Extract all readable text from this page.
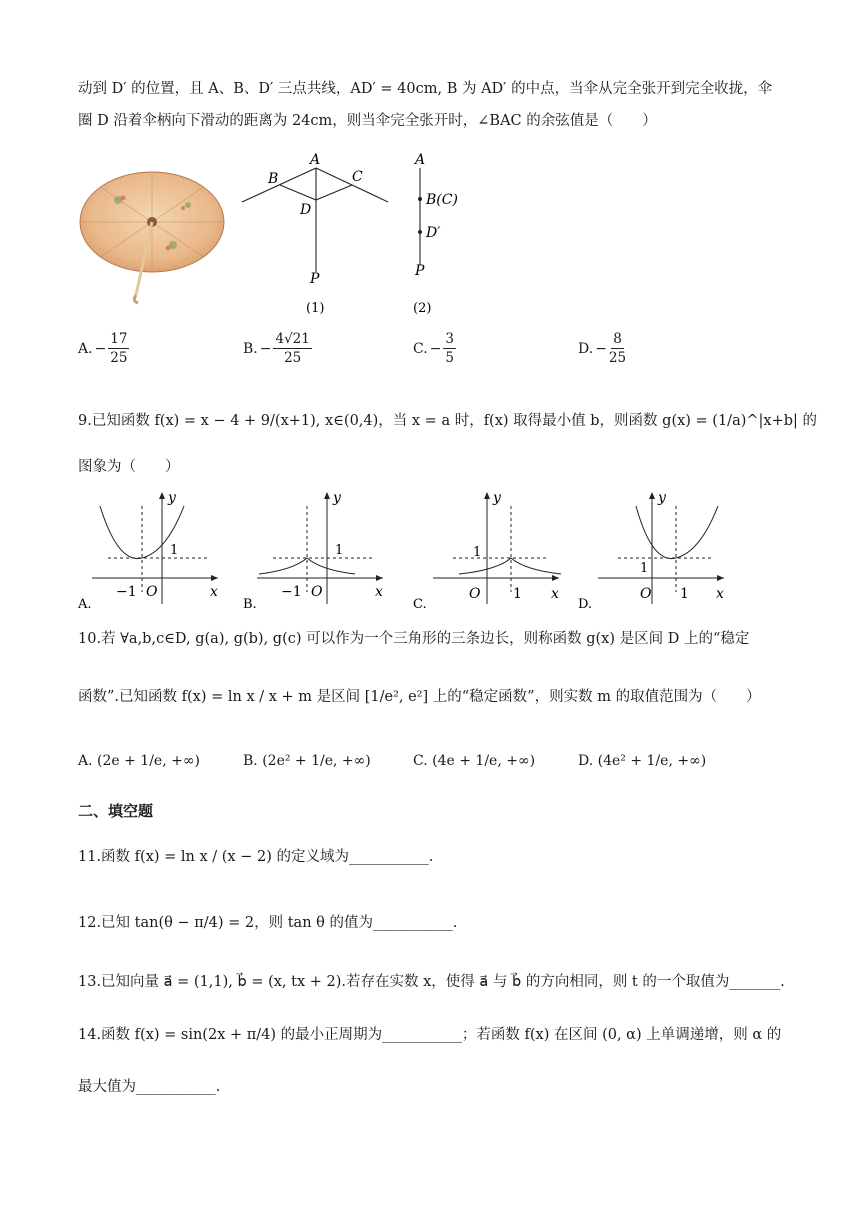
动到 D′ 的位置，且 A、B、D′ 三点共线，AD′ = 40cm, B 为 AD′ 的中点，当伞从完全张开到完全收拢，伞
圈 D 沿着伞柄向下滑动的距离为 24cm，则当伞完全张开时，∠BAC 的余弦值是（　　）
A
B	C
D
P
(1)
A
B(C)
D′
P
(2)
A. − $\frac{17}{25}$	B. − $\frac{4√21}{25}$	C. − $\frac{3}{5}$	D. − $\frac{8}{25}$
9.已知函数 f(x) = x − 4 + 9/(x+1), x∈(0,4)，当 x = a 时，f(x) 取得最小值 b，则函数 g(x) = (1/a)^|x+b| 的
图象为（　　）
x
y
O
−1
1
A.
x
y
O
−1
1
B.
x
y
O 1
1
C.
x
y
O 1
1
D.
10.若 ∀a,b,c∈D, g(a), g(b), g(c) 可以作为一个三角形的三条边长，则称函数 g(x) 是区间 D 上的“稳定
函数”.已知函数 f(x) = ln x / x + m 是区间 [1/e², e²] 上的“稳定函数”，则实数 m 的取值范围为（　　）
A. (2e + 1/e, +∞)	B. (2e² + 1/e, +∞)	C. (4e + 1/e, +∞)	D. (4e² + 1/e, +∞)
二、填空题
11.函数 f(x) = ln x / (x − 2) 的定义域为___________.
12.已知 tan(θ − π/4) = 2，则 tan θ 的值为___________.
13.已知向量 a⃗ = (1,1), b⃗ = (x, tx + 2).若存在实数 x，使得 a⃗ 与 b⃗ 的方向相同，则 t 的一个取值为_______.
14.函数 f(x) = sin(2x + π/4) 的最小正周期为___________；若函数 f(x) 在区间 (0, α) 上单调递增，则 α 的
最大值为___________.
